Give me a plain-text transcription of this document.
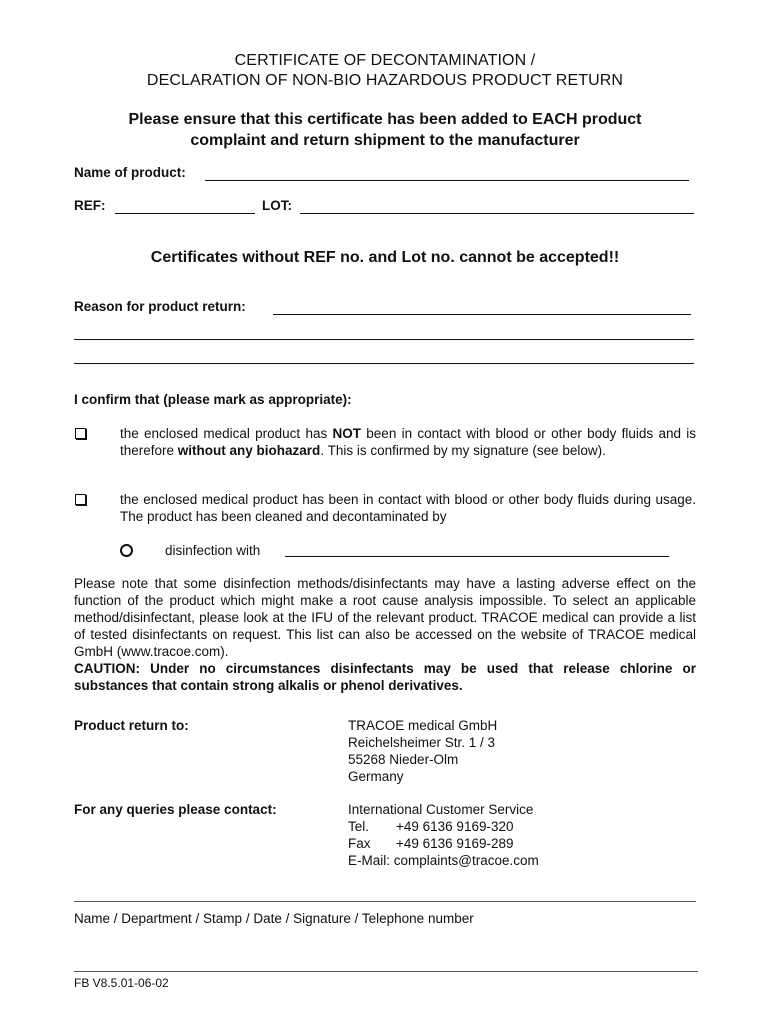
CERTIFICATE OF DECONTAMINATION /
DECLARATION OF NON-BIO HAZARDOUS PRODUCT RETURN
Please ensure that this certificate has been added to EACH product
complaint and return shipment to the manufacturer
Name of product:
REF:	LOT:
Certificates without REF no. and Lot no. cannot be accepted!!
Reason for product return:
I confirm that (please mark as appropriate):
the enclosed medical product has NOT been in contact with blood or other body fluids and is therefore without any biohazard. This is confirmed by my signature (see below).
the enclosed medical product has been in contact with blood or other body fluids during usage. The product has been cleaned and decontaminated by
disinfection with
Please note that some disinfection methods/disinfectants may have a lasting adverse effect on the function of the product which might make a root cause analysis impossible. To select an applicable method/disinfectant, please look at the IFU of the relevant product. TRACOE medical can provide a list of tested disinfectants on request. This list can also be accessed on the website of TRACOE medical GmbH (www.tracoe.com).
CAUTION: Under no circumstances disinfectants may be used that release chlorine or substances that contain strong alkalis or phenol derivatives.
Product return to:	TRACOE medical GmbH
Reichelsheimer Str. 1 / 3
55268 Nieder-Olm
Germany
For any queries please contact:	International Customer Service
Tel. +49 6136 9169-320
Fax +49 6136 9169-289
E-Mail: complaints@tracoe.com
Name / Department / Stamp / Date / Signature / Telephone number
FB V8.5.01-06-02
